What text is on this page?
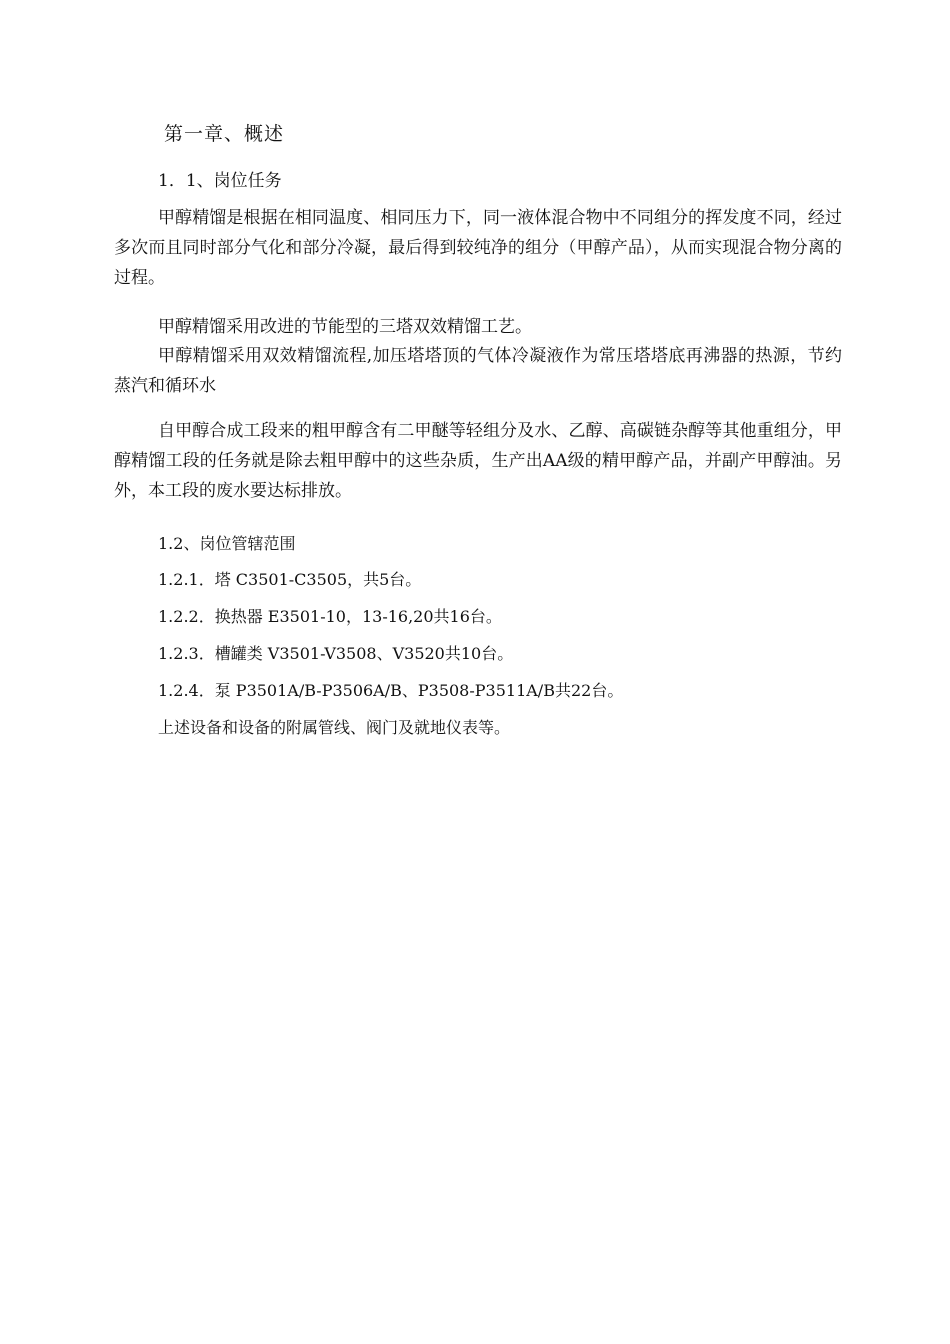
第一章、概述
1．1、岗位任务

甲醇精馏是根据在相同温度、相同压力下，同一液体混合物中不同组分的挥发度不同，经过多次而且同时部分气化和部分冷凝，最后得到较纯净的组分（甲醇产品），从而实现混合物分离的过程。

甲醇精馏采用改进的节能型的三塔双效精馏工艺。

甲醇精馏采用双效精馏流程,加压塔塔顶的气体冷凝液作为常压塔塔底再沸器的热源，节约蒸汽和循环水

自甲醇合成工段来的粗甲醇含有二甲醚等轻组分及水、乙醇、高碳链杂醇等其他重组分，甲醇精馏工段的任务就是除去粗甲醇中的这些杂质，生产出AA级的精甲醇产品，并副产甲醇油。另外，本工段的废水要达标排放。

1.2、岗位管辖范围
1.2.1．塔 C3501-C3505，共5台。
1.2.2．换热器 E3501-10，13-16,20共16台。
1.2.3．槽罐类 V3501-V3508、V3520共10台。
1.2.4．泵 P3501A/B-P3506A/B、P3508-P3511A/B共22台。
上述设备和设备的附属管线、阀门及就地仪表等。
